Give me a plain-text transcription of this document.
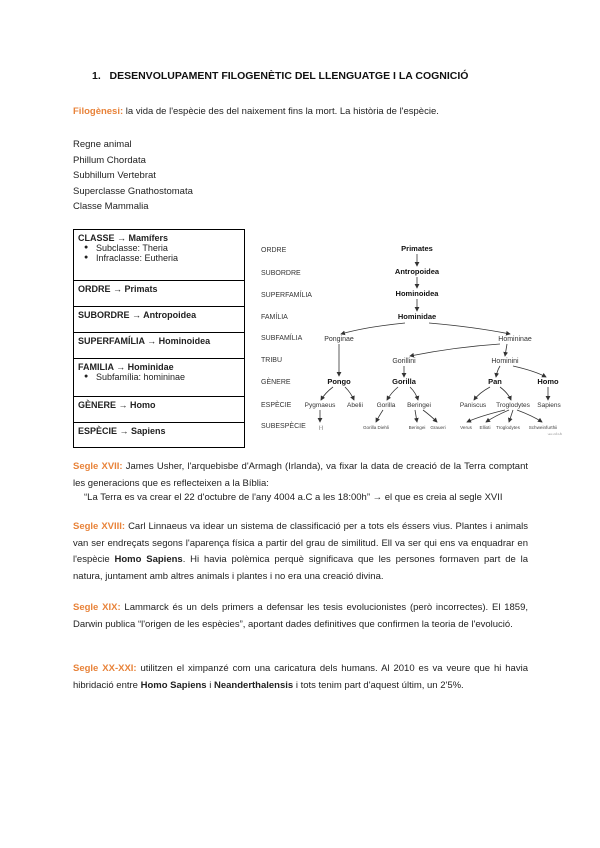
1.   DESENVOLUPAMENT FILOGENÈTIC DEL LLENGUATGE I LA COGNICIÓ
Filogènesi: la vida de l'espècie des del naixement fins la mort. La història de l'espècie.
Regne animal
Phillum Chordata
Subhillum Vertebrat
Superclasse Gnathostomata
Classe Mammalia
CLASSE → Mamífers
● Subclasse: Theria
● Infraclasse: Eutheria

ORDRE → Primats
SUBORDRE → Antropoidea
SUPERFAMÍLIA → Hominoidea

FAMILIA → Hominidae
● Subfamília: homininae

GÈNERE → Homo
ESPÈCIE → Sapiens
ORDRE
SUBORDRE
SUPERFAMÍLIA
FAMÍLIA
SUBFAMÍLIA
TRIBU
GÈNERE
ESPÈCIE
SUBESPÈCIE
Primates
Antropoidea
Hominoidea
Hominidae
Pongo	Gorilla	Pan	Homo
Ponginae	Homininae
Gorillini	Hominini
Pygmaeus Abelii Gorilla Beringei	Paniscus Troglodytes Sapiens
(-)	Gorilla Diehli	Beringei Graueri	Verus Ellioti Troglodytes Schweinfurthii
wuolah

Segle XVII: James Usher, l'arquebisbe d'Armagh (Irlanda), va fixar la data de creació de la Terra comptant les generacions que es reflecteixen a la Bíblia:

“La Terra es va crear el 22 d'octubre de l'any 4004 a.C a les 18:00h” → el que es creia al segle XVII

Segle XVIII: Carl Linnaeus va idear un sistema de classificació per a tots els éssers vius. Plantes i animals van ser endreçats segons l'aparença física a partir del grau de similitud. Ell va ser qui ens va enquadrar en l'espècie Homo Sapiens. Hi havia polèmica perquè significava que les persones formaven part de la natura, juntament amb altres animals i plantes i no era una creació divina.

Segle XIX: Lammarck és un dels primers a defensar les tesis evolucionistes (però incorrectes). El 1859, Darwin publica “l'origen de les espècies”, aportant dades definitives que confirmen la teoria de l'evolució.

Segle XX-XXI: utilitzen el ximpanzé com una caricatura dels humans. Al 2010 es va veure que hi havia hibridació entre Homo Sapiens i Neanderthalensis i tots tenim part d'aquest últim, un 2'5%.
